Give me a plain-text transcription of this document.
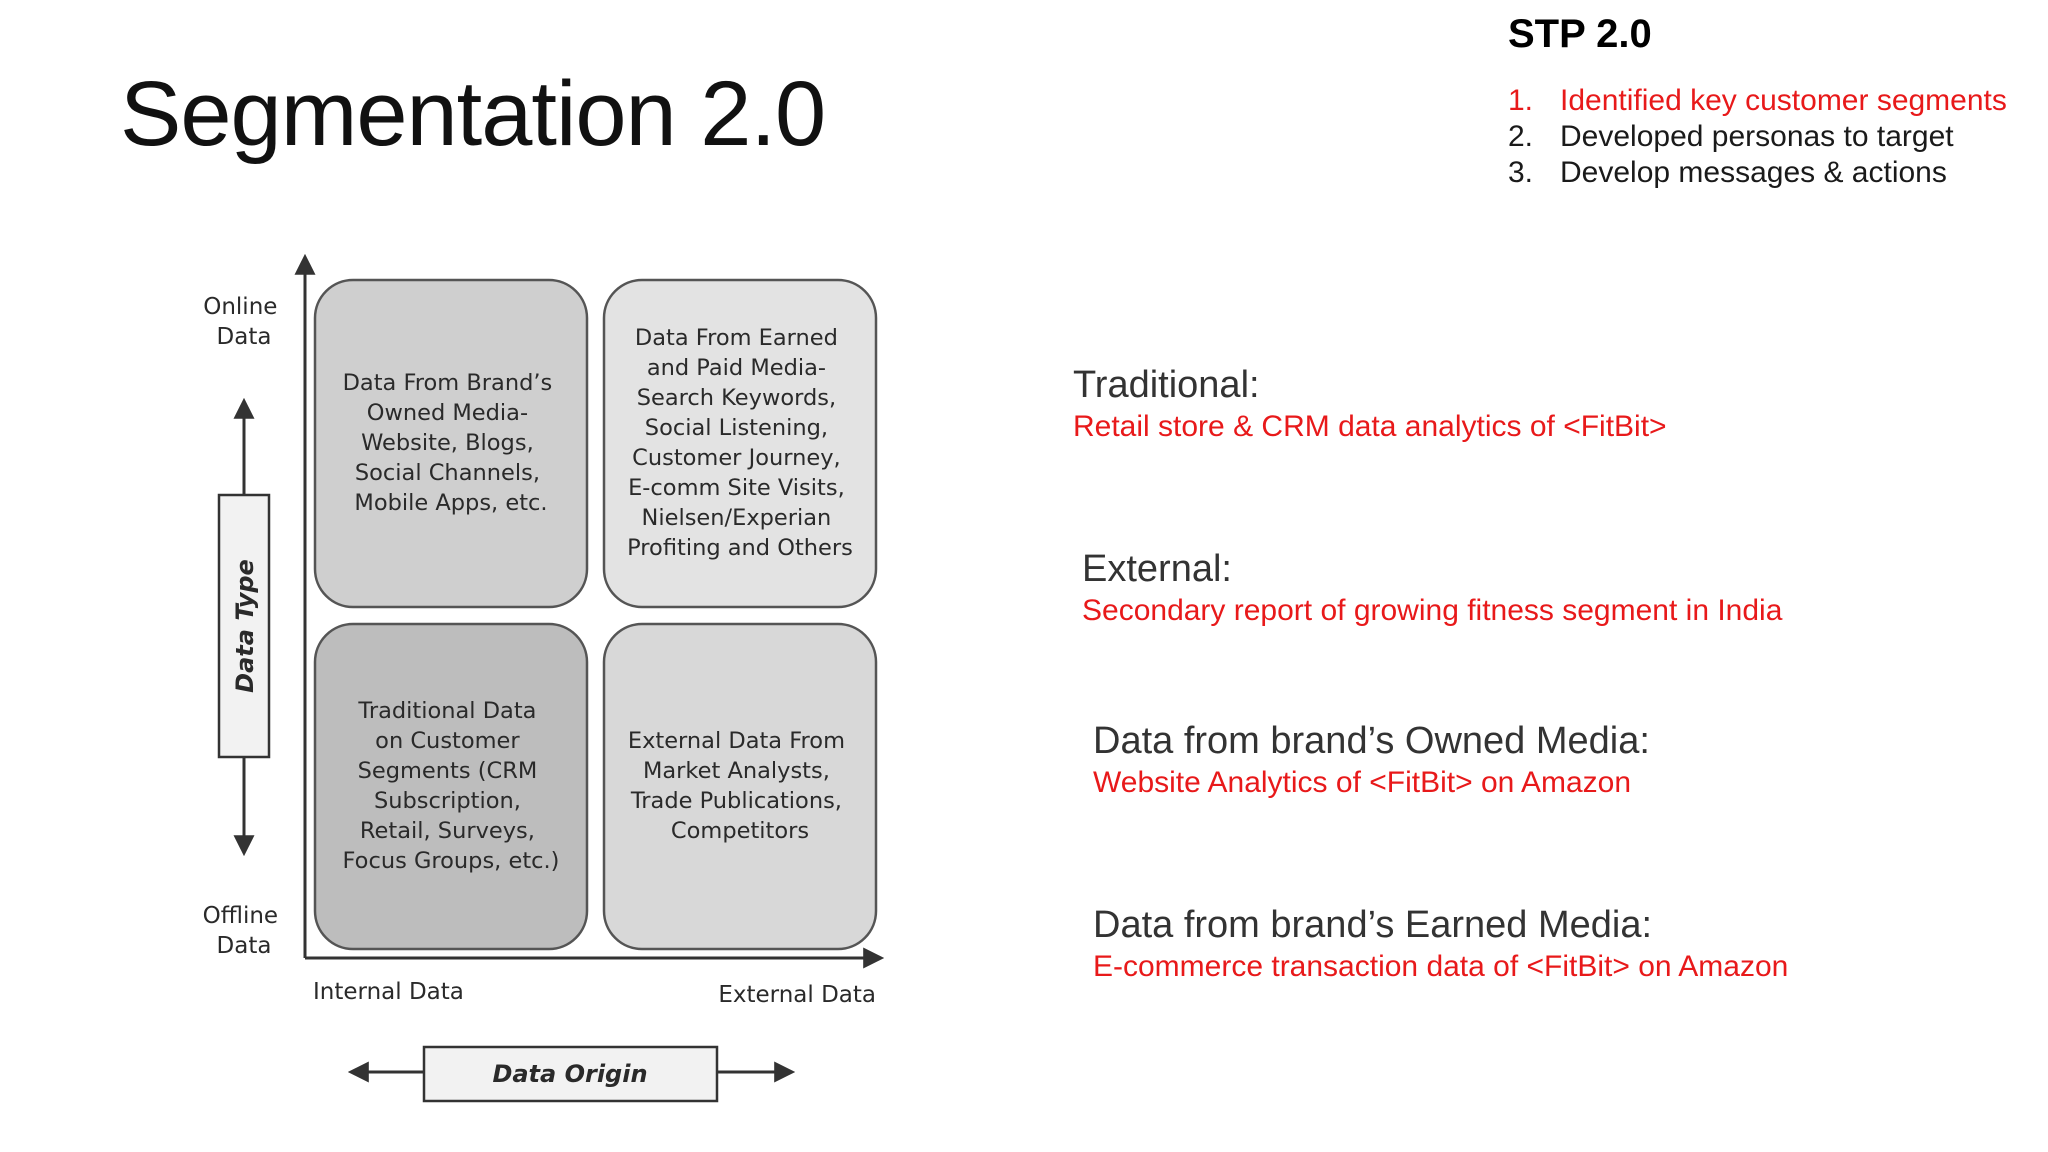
Segmentation 2.0
STP 2.0
1. Identified key customer segments
2. Developed personas to target
3. Develop messages & actions
Traditional:
Retail store & CRM data analytics of <FitBit>
External:
Secondary report of growing fitness segment in India
Data from brand’s Owned Media:
Website Analytics of <FitBit> on Amazon
Data from brand’s Earned Media:
E-commerce transaction data of <FitBit> on Amazon
Data From Brand’s Owned Media- Website, Blogs, Social Channels, Mobile Apps, etc.
Data From Earned and Paid Media- Search Keywords, Social Listening, Customer Journey, E-comm Site Visits, Nielsen/Experian Profiting and Others
Traditional Data on Customer Segments (CRM Subscription, Retail, Surveys, Focus Groups, etc.)
External Data From Market Analysts, Trade Publications, Competitors
Online Data
Offline Data
Data Type
Internal Data	External Data
Data Origin
